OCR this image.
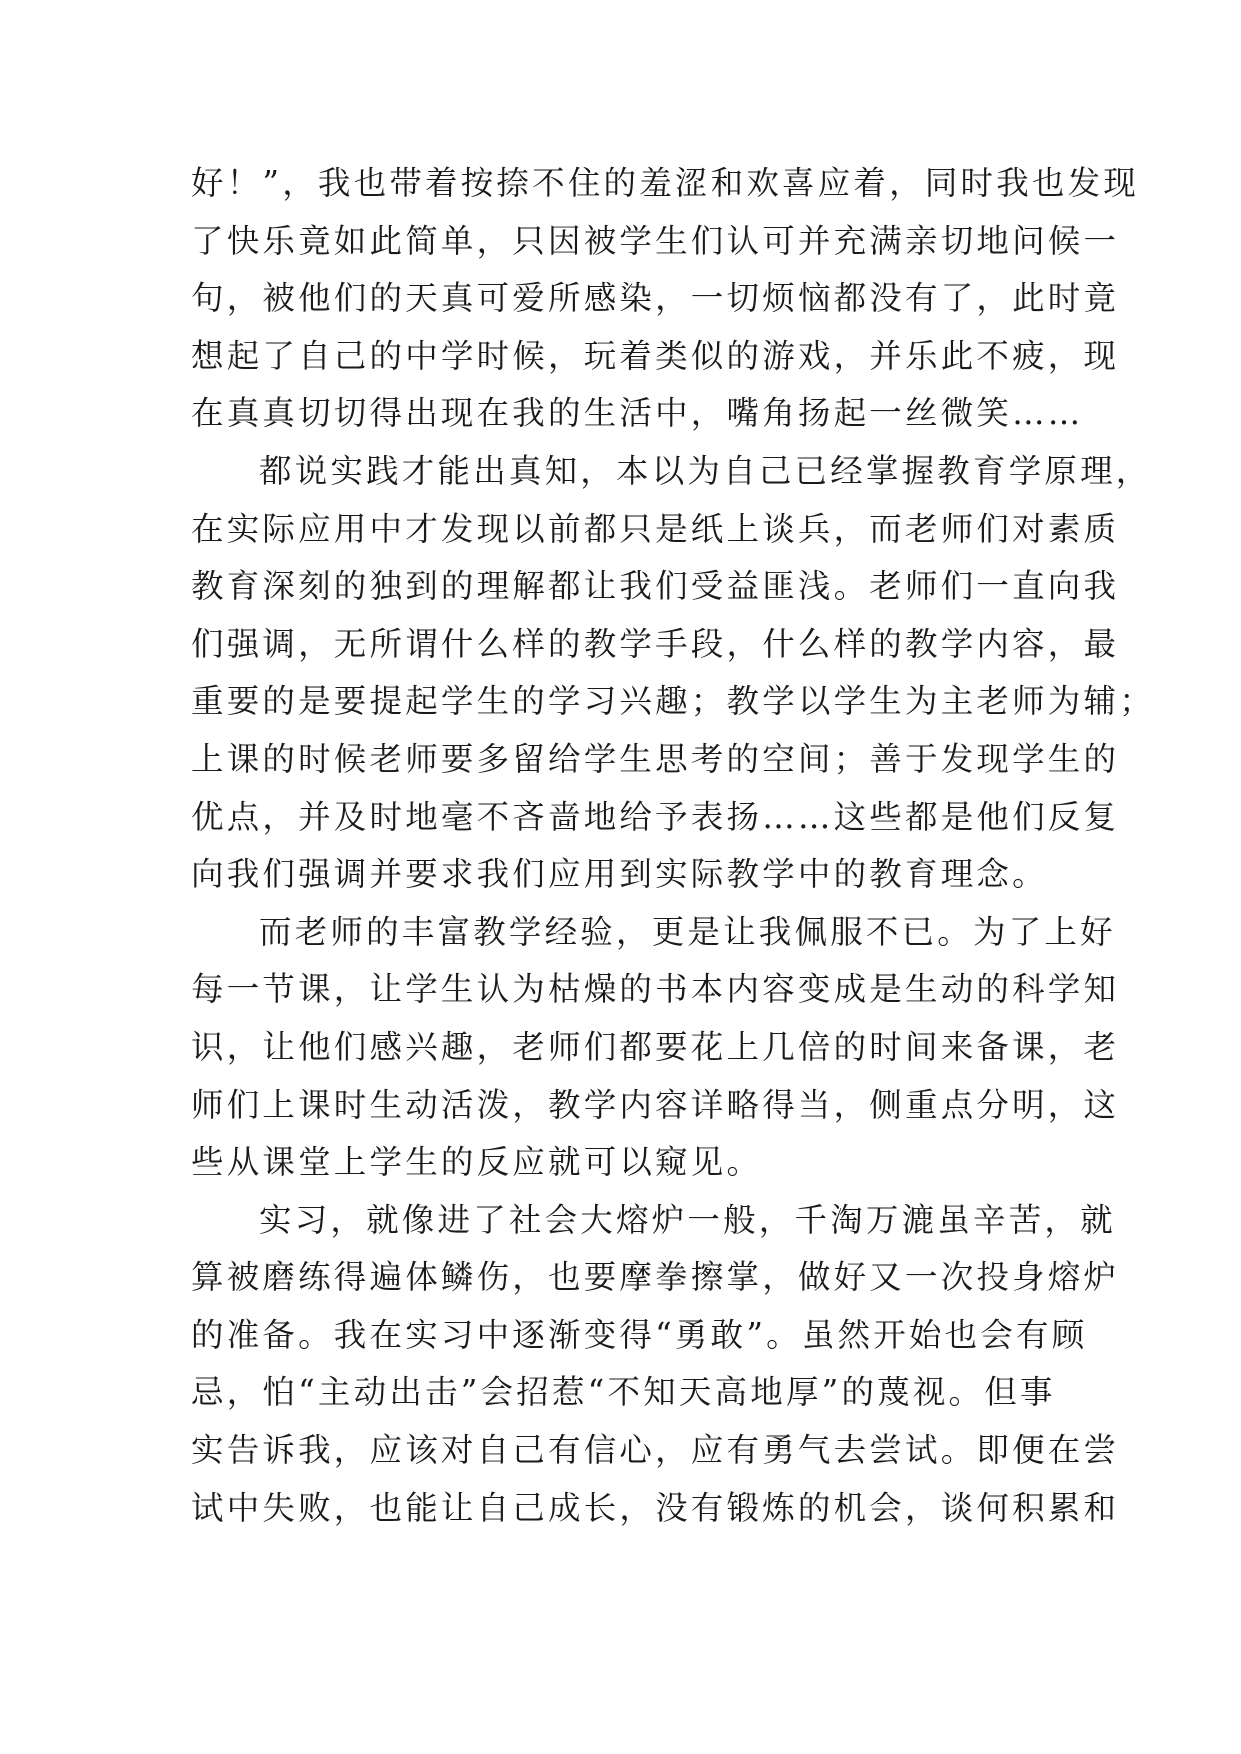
好！”，我也带着按捺不住的羞涩和欢喜应着，同时我也发现
了快乐竟如此简单，只因被学生们认可并充满亲切地问候一
句，被他们的天真可爱所感染，一切烦恼都没有了，此时竟
想起了自己的中学时候，玩着类似的游戏，并乐此不疲，现
在真真切切得出现在我的生活中，嘴角扬起一丝微笑……
都说实践才能出真知，本以为自己已经掌握教育学原理，
在实际应用中才发现以前都只是纸上谈兵，而老师们对素质
教育深刻的独到的理解都让我们受益匪浅。老师们一直向我
们强调，无所谓什么样的教学手段，什么样的教学内容，最
重要的是要提起学生的学习兴趣；教学以学生为主老师为辅；
上课的时候老师要多留给学生思考的空间；善于发现学生的
优点，并及时地毫不吝啬地给予表扬……这些都是他们反复
向我们强调并要求我们应用到实际教学中的教育理念。
而老师的丰富教学经验，更是让我佩服不已。为了上好
每一节课，让学生认为枯燥的书本内容变成是生动的科学知
识，让他们感兴趣，老师们都要花上几倍的时间来备课，老
师们上课时生动活泼，教学内容详略得当，侧重点分明，这
些从课堂上学生的反应就可以窥见。
实习，就像进了社会大熔炉一般，千淘万漉虽辛苦，就
算被磨练得遍体鳞伤，也要摩拳擦掌，做好又一次投身熔炉
的准备。我在实习中逐渐变得“勇敢”。虽然开始也会有顾
忌，怕“主动出击”会招惹“不知天高地厚”的蔑视。但事
实告诉我，应该对自己有信心，应有勇气去尝试。即便在尝
试中失败，也能让自己成长，没有锻炼的机会，谈何积累和
